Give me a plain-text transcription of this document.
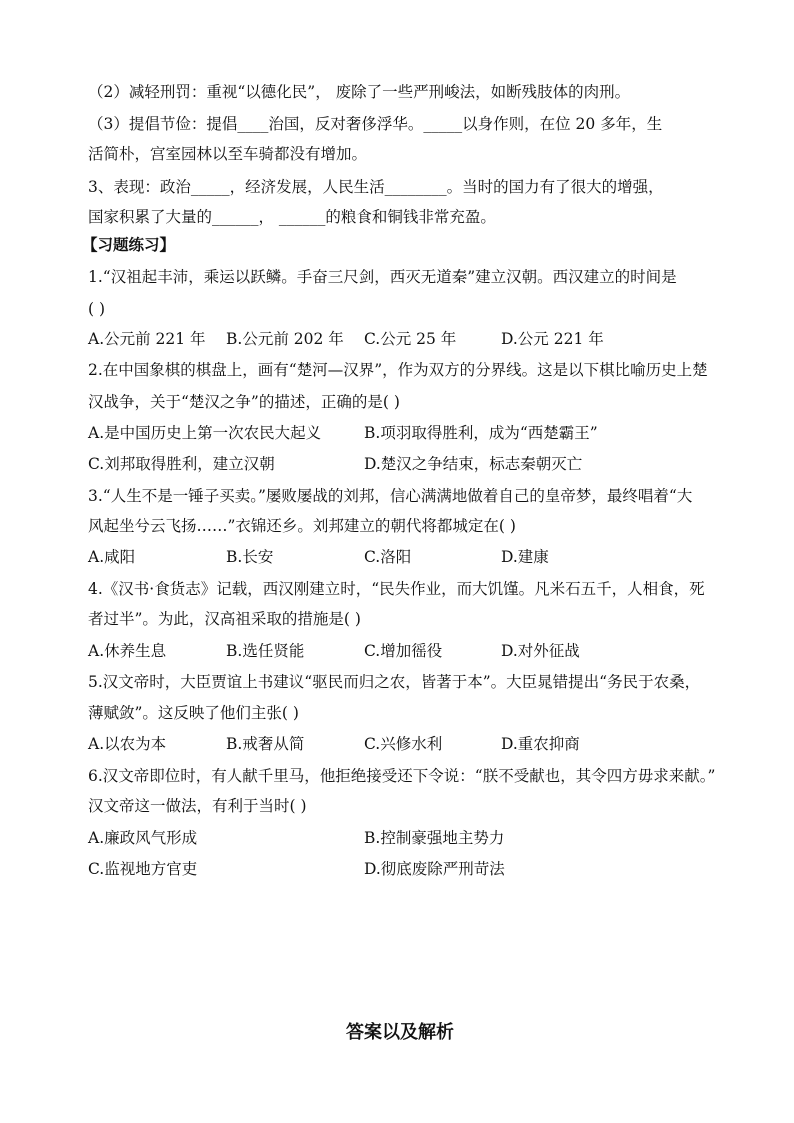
（2）减轻刑罚：重视“以德化民”， 废除了一些严刑峻法，如断残肢体的肉刑。
（3）提倡节俭：提倡____治国，反对奢侈浮华。_____以身作则，在位 20 多年，生
活简朴，宫室园林以至车骑都没有增加。
3、表现：政治_____，经济发展，人民生活________。当时的国力有了很大的增强，
国家积累了大量的______， ______的粮食和铜钱非常充盈。
【习题练习】
1.“汉祖起丰沛，乘运以跃鳞。手奋三尺剑，西灭无道秦”建立汉朝。西汉建立的时间是
( )
A.公元前 221 年 B.公元前 202 年 C.公元 25 年	D.公元 221 年
2.在中国象棋的棋盘上，画有“楚河—汉界”，作为双方的分界线。这是以下棋比喻历史上楚
汉战争，关于“楚汉之争”的描述，正确的是( )
A.是中国历史上第一次农民大起义	B.项羽取得胜利，成为“西楚霸王”
C.刘邦取得胜利，建立汉朝	D.楚汉之争结束，标志秦朝灭亡
3.“人生不是一锤子买卖。”屡败屡战的刘邦，信心满满地做着自己的皇帝梦，最终唱着“大
风起坐兮云飞扬……”衣锦还乡。刘邦建立的朝代将都城定在( )
A.咸阳	B.长安	C.洛阳	D.建康
4.《汉书·食货志》记载，西汉刚建立时，“民失作业，而大饥馑。凡米石五千，人相食，死
者过半”。为此，汉高祖采取的措施是( )
A.休养生息	B.选任贤能	C.增加徭役	D.对外征战
5.汉文帝时，大臣贾谊上书建议“驱民而归之农，皆著于本”。大臣晁错提出“务民于农桑，
薄赋敛”。这反映了他们主张( )
A.以农为本	B.戒奢从简	C.兴修水利	D.重农抑商
6.汉文帝即位时，有人献千里马，他拒绝接受还下令说：“朕不受献也，其令四方毋求来献。”
汉文帝这一做法，有利于当时( )
A.廉政风气形成	B.控制豪强地主势力
C.监视地方官吏	D.彻底废除严刑苛法
答案以及解析
